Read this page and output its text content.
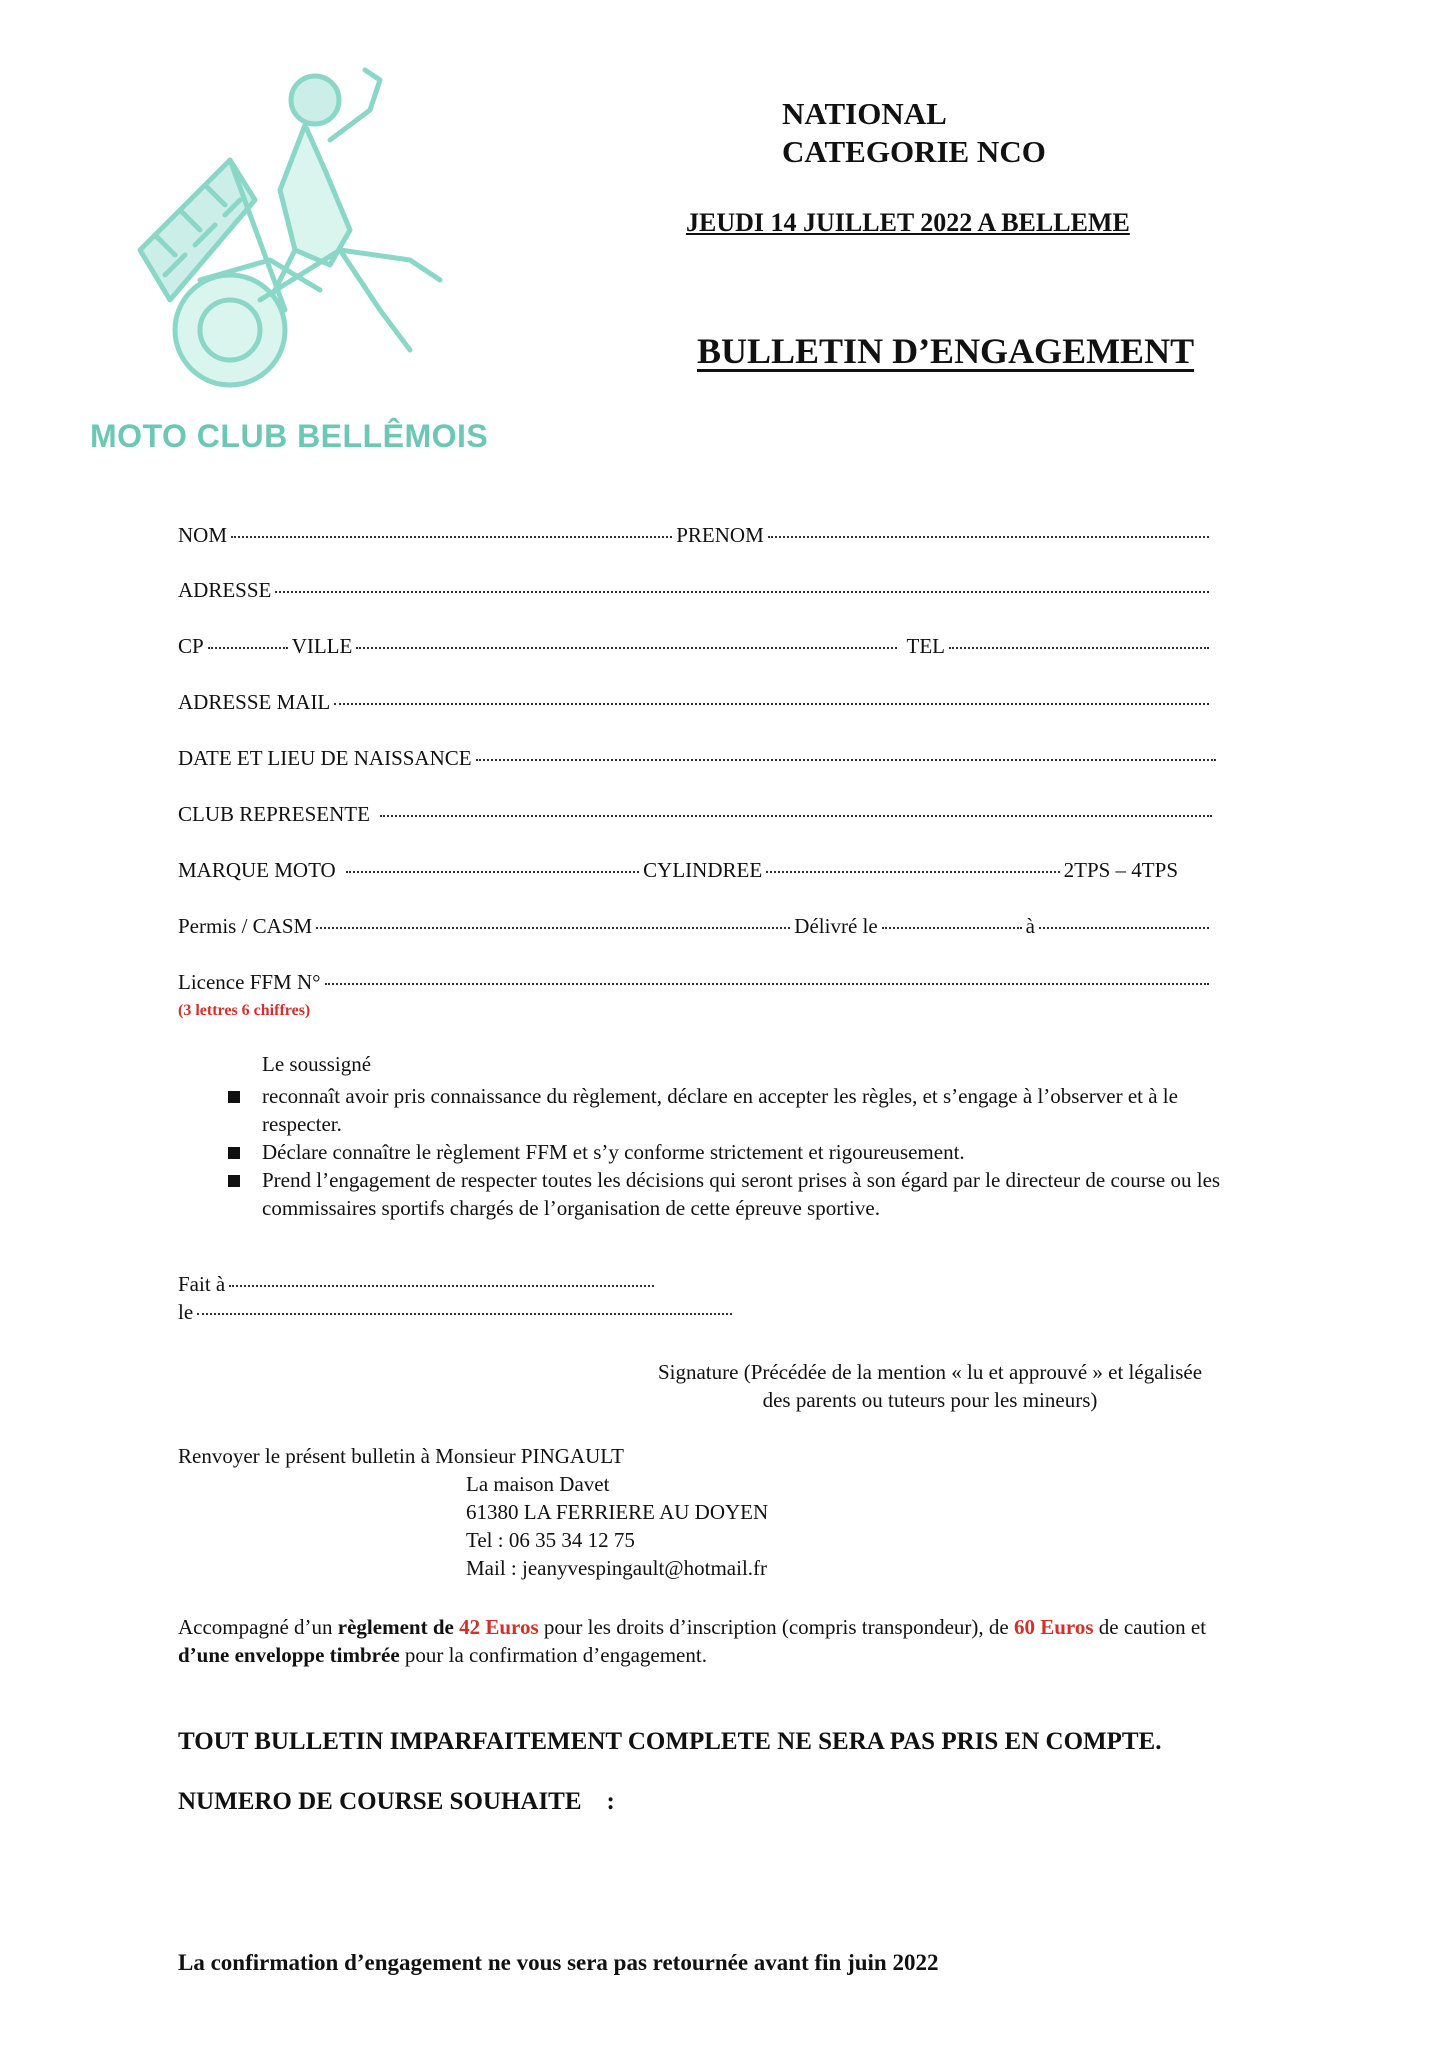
MOTO CLUB BELLÊMOIS
NATIONAL
CATEGORIE NCO
JEUDI 14 JUILLET 2022 A BELLEME
BULLETIN D’ENGAGEMENT
NOM	PRENOM
ADRESSE
CP	VILLE	TEL
ADRESSE MAIL
DATE ET LIEU DE NAISSANCE
CLUB REPRESENTE
MARQUE MOTO	CYLINDREE	2TPS – 4TPS
Permis / CASM	Délivré le	à
Licence FFM N°
(3 lettres 6 chiffres)
Le soussigné
reconnaît avoir pris connaissance du règlement, déclare en accepter les règles, et s’engage à l’observer et à le respecter.
Déclare connaître le règlement FFM et s’y conforme strictement et rigoureusement.
Prend l’engagement de respecter toutes les décisions qui seront prises à son égard par le directeur de course ou les commissaires sportifs chargés de l’organisation de cette épreuve sportive.
Fait à
le
Signature (Précédée de la mention « lu et approuvé » et légalisée
des parents ou tuteurs pour les mineurs)
Renvoyer le présent bulletin à Monsieur PINGAULT
La maison Davet
61380 LA FERRIERE AU DOYEN
Tel : 06 35 34 12 75
Mail : jeanyvespingault@hotmail.fr
Accompagné d’un règlement de 42 Euros pour les droits d’inscription (compris transpondeur), de 60 Euros de caution et d’une enveloppe timbrée pour la confirmation d’engagement.
TOUT BULLETIN IMPARFAITEMENT COMPLETE NE SERA PAS PRIS EN COMPTE.
NUMERO DE COURSE SOUHAITE    :
La confirmation d’engagement ne vous sera pas retournée avant fin juin 2022
